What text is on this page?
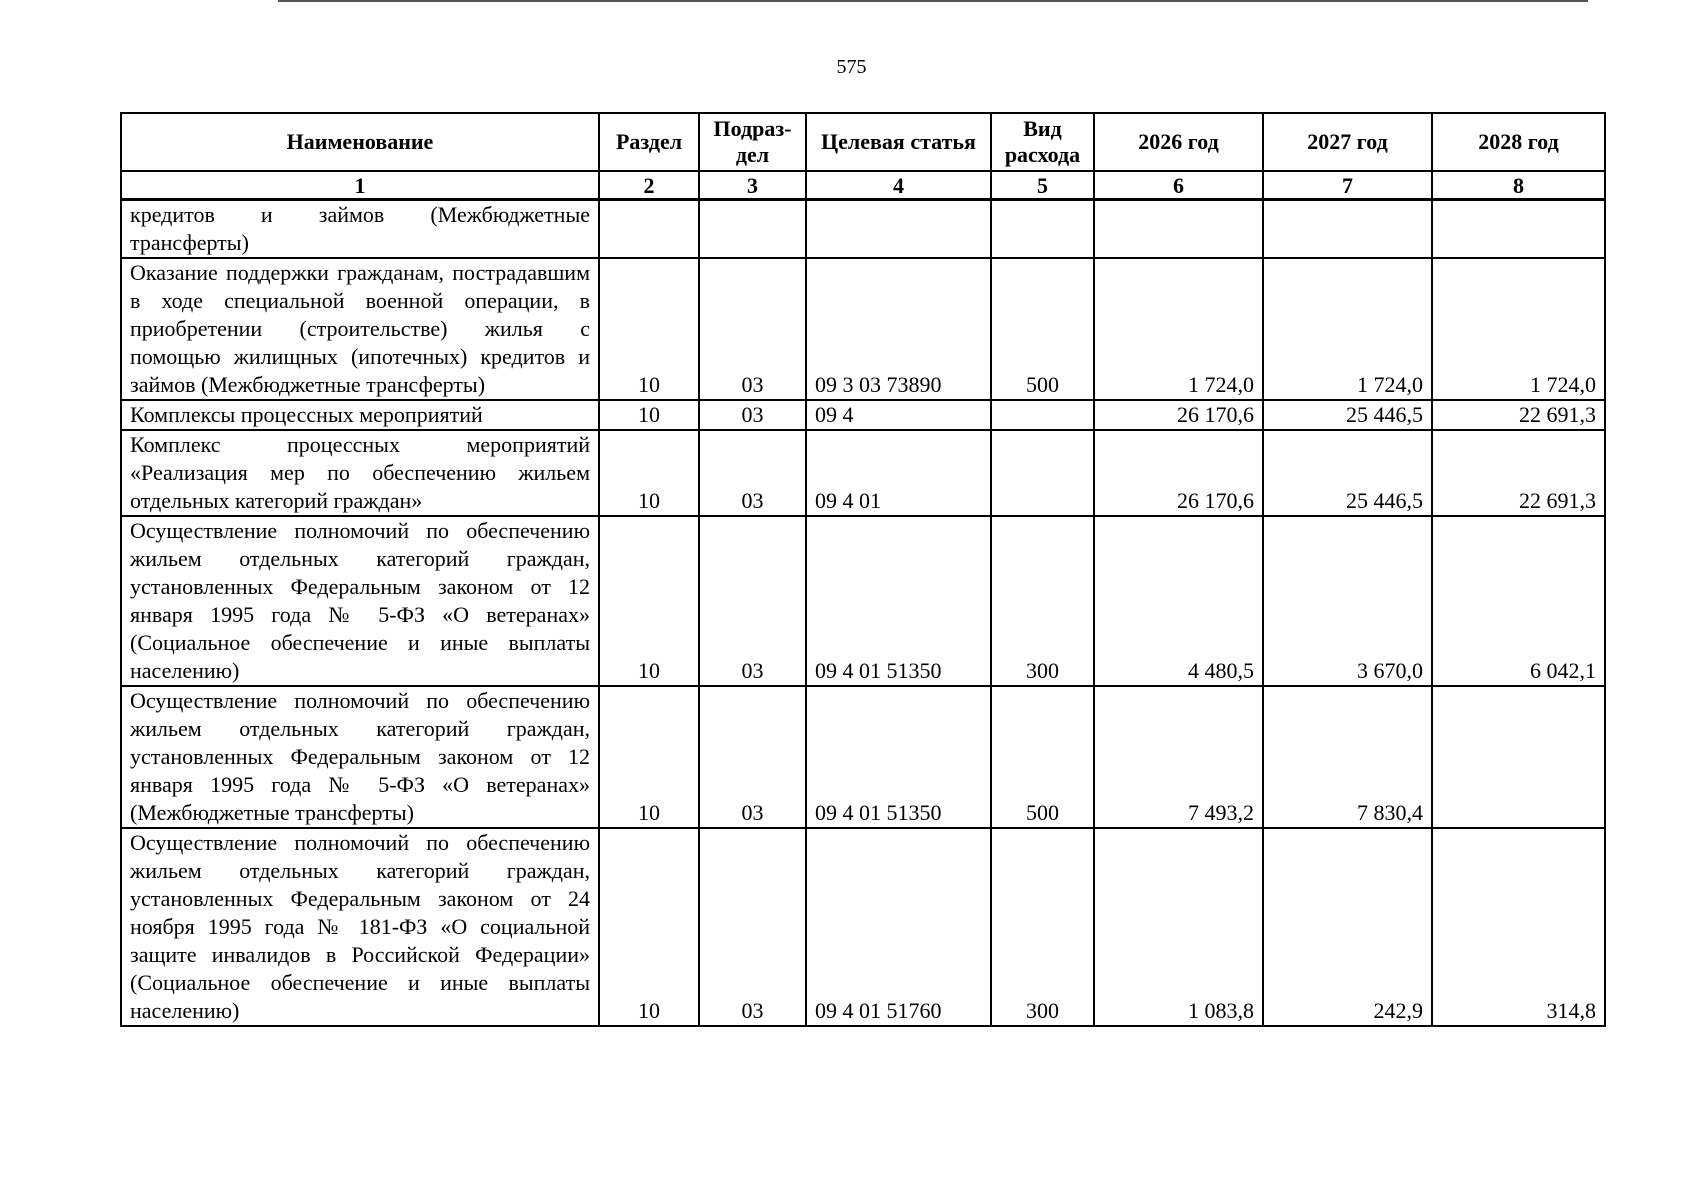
575
Наименование	Раздел	Подраз-дел	Целевая статья	Вид расхода	2026 год	2027 год	2028 год
1	2	3	4	5	6	7	8
кредитов и займов (Межбюджетные трансферты)							
Оказание поддержки гражданам, пострадавшим в ходе специальной военной операции, в приобретении (строительстве) жилья с помощью жилищных (ипотечных) кредитов и займов (Межбюджетные трансферты)	10	03	09 3 03 73890	500	1 724,0	1 724,0	1 724,0
Комплексы процессных мероприятий	10	03	09 4		26 170,6	25 446,5	22 691,3
Комплекс процессных мероприятий «Реализация мер по обеспечению жильем отдельных категорий граждан»	10	03	09 4 01		26 170,6	25 446,5	22 691,3
Осуществление полномочий по обеспечению жильем отдельных категорий граждан, установленных Федеральным законом от 12 января 1995 года № 5-ФЗ «О ветеранах» (Социальное обеспечение и иные выплаты населению)	10	03	09 4 01 51350	300	4 480,5	3 670,0	6 042,1
Осуществление полномочий по обеспечению жильем отдельных категорий граждан, установленных Федеральным законом от 12 января 1995 года № 5-ФЗ «О ветеранах» (Межбюджетные трансферты)	10	03	09 4 01 51350	500	7 493,2	7 830,4	
Осуществление полномочий по обеспечению жильем отдельных категорий граждан, установленных Федеральным законом от 24 ноября 1995 года № 181-ФЗ «О социальной защите инвалидов в Российской Федерации» (Социальное обеспечение и иные выплаты населению)	10	03	09 4 01 51760	300	1 083,8	242,9	314,8
